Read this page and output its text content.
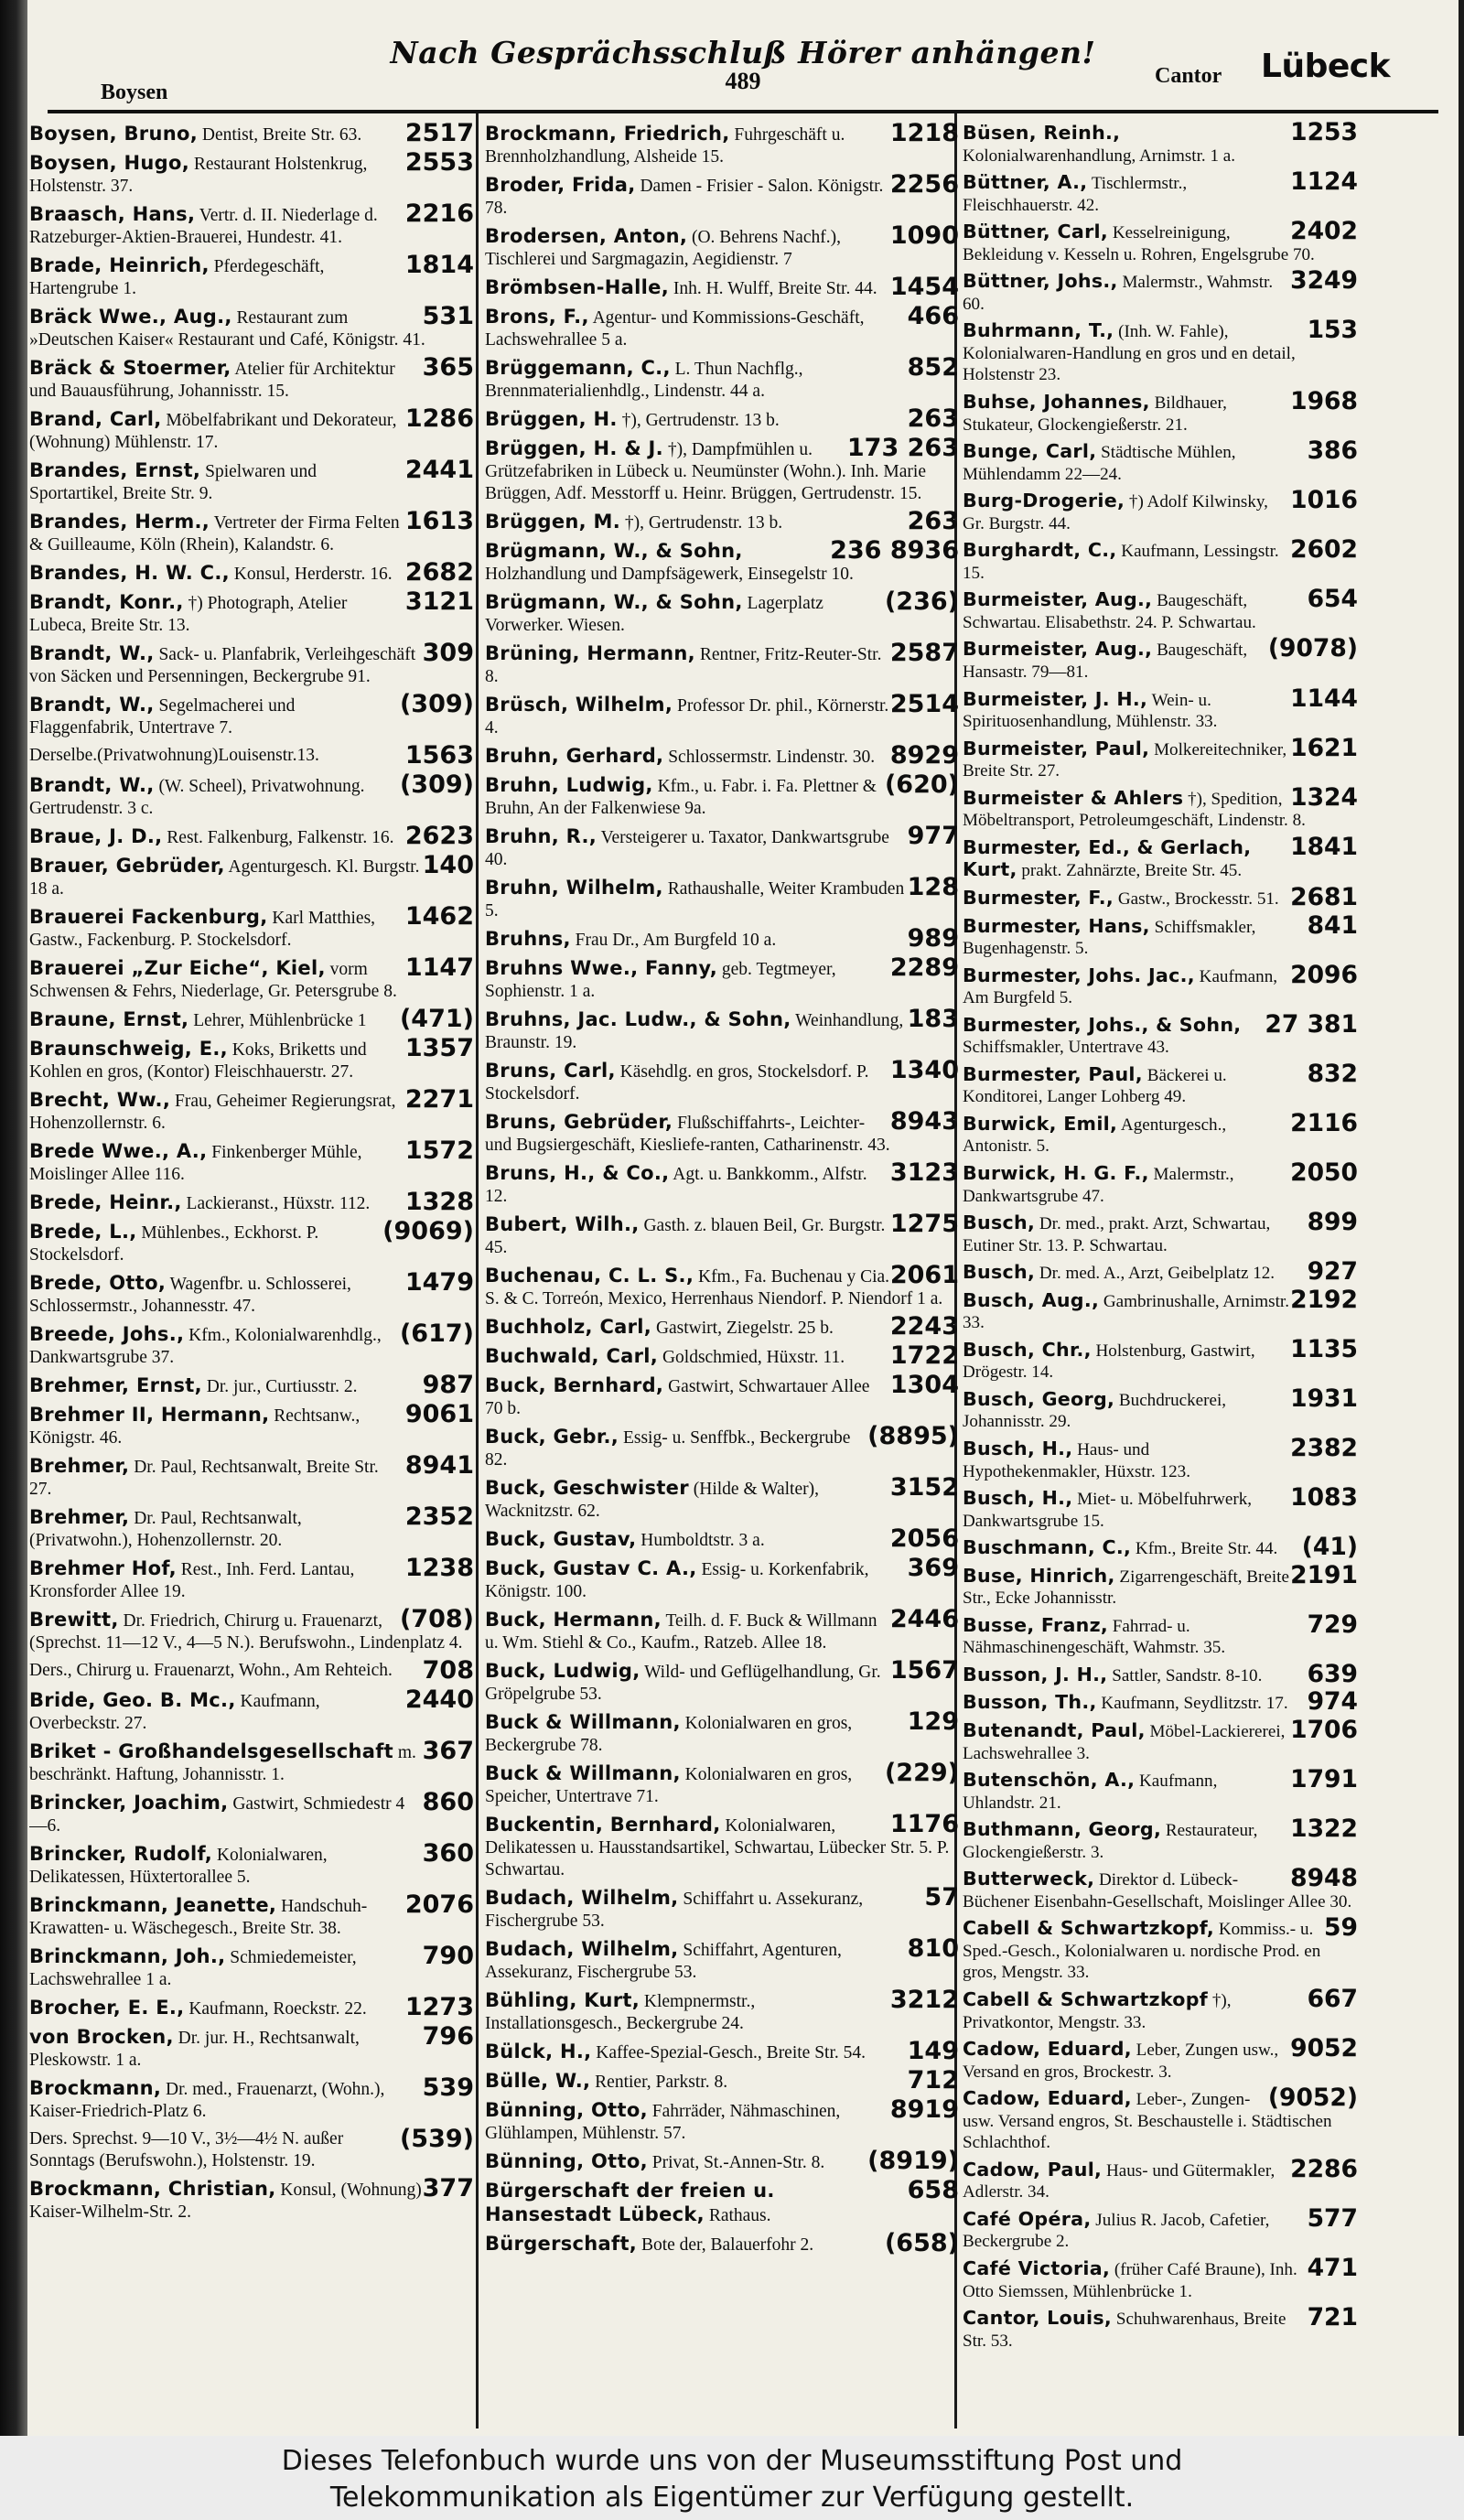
Nach Gesprächsschluß Hörer anhängen!
489
Boysen
Cantor Lübeck
2517
Boysen, Bruno, Dentist, Breite Str. 63.
2553
Boysen, Hugo, Restaurant Holstenkrug, Holstenstr. 37.
2216
Braasch, Hans, Vertr. d. II. Niederlage d. Ratzeburger-Aktien-Brauerei, Hundestr. 41.
1814
Brade, Heinrich, Pferdegeschäft, Hartengrube 1.
531
Bräck Wwe., Aug., Restaurant zum »Deutschen Kaiser« Restaurant und Café, Königstr. 41.
365
Bräck & Stoermer, Atelier für Architektur und Bauausführung, Johannisstr. 15.
1286
Brand, Carl, Möbelfabrikant und Dekorateur, (Wohnung) Mühlenstr. 17.
2441
Brandes, Ernst, Spielwaren und Sportartikel, Breite Str. 9.
1613
Brandes, Herm., Vertreter der Firma Felten & Guilleaume, Köln (Rhein), Kalandstr. 6.
2682
Brandes, H. W. C., Konsul, Herderstr. 16.
3121
Brandt, Konr., †) Photograph, Atelier Lubeca, Breite Str. 13.
309
Brandt, W., Sack- u. Planfabrik, Verleihgeschäft von Säcken und Persenningen, Beckergrube 91.
(309)
Brandt, W., Segelmacherei und Flaggenfabrik, Untertrave 7.
1563
Derselbe.(Privatwohnung)Louisenstr.13.
(309)
Brandt, W., (W. Scheel), Privatwohnung. Gertrudenstr. 3 c.
2623
Braue, J. D., Rest. Falkenburg, Falkenstr. 16.
140
Brauer, Gebrüder, Agenturgesch. Kl. Burgstr. 18 a.
1462
Brauerei Fackenburg, Karl Matthies, Gastw., Fackenburg. P. Stockelsdorf.
1147
Brauerei „Zur Eiche“, Kiel, vorm Schwensen & Fehrs, Niederlage, Gr. Petersgrube 8.
(471)
Braune, Ernst, Lehrer, Mühlenbrücke 1
1357
Braunschweig, E., Koks, Briketts und Kohlen en gros, (Kontor) Fleischhauerstr. 27.
2271
Brecht, Ww., Frau, Geheimer Regierungsrat, Hohenzollernstr. 6.
1572
Brede Wwe., A., Finkenberger Mühle, Moislinger Allee 116.
1328
Brede, Heinr., Lackieranst., Hüxstr. 112.
(9069)
Brede, L., Mühlenbes., Eckhorst. P. Stockelsdorf.
1479
Brede, Otto, Wagenfbr. u. Schlosserei, Schlossermstr., Johannesstr. 47.
(617)
Breede, Johs., Kfm., Kolonialwarenhdlg., Dankwartsgrube 37.
987
Brehmer, Ernst, Dr. jur., Curtiusstr. 2.
9061
Brehmer II, Hermann, Rechtsanw., Königstr. 46.
8941
Brehmer, Dr. Paul, Rechtsanwalt, Breite Str. 27.
2352
Brehmer, Dr. Paul, Rechtsanwalt, (Privatwohn.), Hohenzollernstr. 20.
1238
Brehmer Hof, Rest., Inh. Ferd. Lantau, Kronsforder Allee 19.
(708)
Brewitt, Dr. Friedrich, Chirurg u. Frauenarzt, (Sprechst. 11—12 V., 4—5 N.). Berufswohn., Lindenplatz 4.
708
Ders., Chirurg u. Frauenarzt, Wohn., Am Rehteich.
2440
Bride, Geo. B. Mc., Kaufmann, Overbeckstr. 27.
367
Briket - Großhandelsgesellschaft m. beschränkt. Haftung, Johannisstr. 1.
860
Brincker, Joachim, Gastwirt, Schmiedestr 4—6.
360
Brincker, Rudolf, Kolonialwaren, Delikatessen, Hüxtertorallee 5.
2076
Brinckmann, Jeanette, Handschuh-Krawatten- u. Wäschegesch., Breite Str. 38.
790
Brinckmann, Joh., Schmiedemeister, Lachswehrallee 1 a.
1273
Brocher, E. E., Kaufmann, Roeckstr. 22.
796
von Brocken, Dr. jur. H., Rechtsanwalt, Pleskowstr. 1 a.
539
Brockmann, Dr. med., Frauenarzt, (Wohn.), Kaiser-Friedrich-Platz 6.
(539)
Ders. Sprechst. 9—10 V., 3½—4½ N. außer Sonntags (Berufswohn.), Holstenstr. 19.
377
Brockmann, Christian, Konsul, (Wohnung) Kaiser-Wilhelm-Str. 2.
1218
Brockmann, Friedrich, Fuhrgeschäft u. Brennholzhandlung, Alsheide 15.
2256
Broder, Frida, Damen - Frisier - Salon. Königstr. 78.
1090
Brodersen, Anton, (O. Behrens Nachf.), Tischlerei und Sargmagazin, Aegidienstr. 7
1454
Brömbsen-Halle, Inh. H. Wulff, Breite Str. 44.
466
Brons, F., Agentur- und Kommissions-Geschäft, Lachswehrallee 5 a.
852
Brüggemann, C., L. Thun Nachflg., Brennmaterialienhdlg., Lindenstr. 44 a.
263
Brüggen, H. †), Gertrudenstr. 13 b.
173 263
Brüggen, H. & J. †), Dampfmühlen u. Grützefabriken in Lübeck u. Neumünster (Wohn.). Inh. Marie Brüggen, Adf. Messtorff u. Heinr. Brüggen, Gertrudenstr. 15.
263
Brüggen, M. †), Gertrudenstr. 13 b.
236 8936
Brügmann, W., & Sohn, Holzhandlung und Dampfsägewerk, Einsegelstr 10.
(236)
Brügmann, W., & Sohn, Lagerplatz Vorwerker. Wiesen.
2587
Brüning, Hermann, Rentner, Fritz-Reuter-Str. 8.
2514
Brüsch, Wilhelm, Professor Dr. phil., Körnerstr. 4.
8929
Bruhn, Gerhard, Schlossermstr. Lindenstr. 30.
(620)
Bruhn, Ludwig, Kfm., u. Fabr. i. Fa. Plettner & Bruhn, An der Falkenwiese 9a.
977
Bruhn, R., Versteigerer u. Taxator, Dankwartsgrube 40.
128
Bruhn, Wilhelm, Rathaushalle, Weiter Krambuden 5.
989
Bruhns, Frau Dr., Am Burgfeld 10 a.
2289
Bruhns Wwe., Fanny, geb. Tegtmeyer, Sophienstr. 1 a.
183
Bruhns, Jac. Ludw., & Sohn, Weinhandlung, Braunstr. 19.
1340
Bruns, Carl, Käsehdlg. en gros, Stockelsdorf. P. Stockelsdorf.
8943
Bruns, Gebrüder, Flußschiffahrts-, Leichter- und Bugsiergeschäft, Kiesliefe-ranten, Catharinenstr. 43.
3123
Bruns, H., & Co., Agt. u. Bankkomm., Alfstr. 12.
1275
Bubert, Wilh., Gasth. z. blauen Beil, Gr. Burgstr. 45.
2061
Buchenau, C. L. S., Kfm., Fa. Buchenau y Cia. S. & C. Torreón, Mexico, Herrenhaus Niendorf. P. Niendorf 1 a.
2243
Buchholz, Carl, Gastwirt, Ziegelstr. 25 b.
1722
Buchwald, Carl, Goldschmied, Hüxstr. 11.
1304
Buck, Bernhard, Gastwirt, Schwartauer Allee 70 b.
(8895)
Buck, Gebr., Essig- u. Senffbk., Beckergrube 82.
3152
Buck, Geschwister (Hilde & Walter), Wacknitzstr. 62.
2056
Buck, Gustav, Humboldtstr. 3 a.
369
Buck, Gustav C. A., Essig- u. Korkenfabrik, Königstr. 100.
2446
Buck, Hermann, Teilh. d. F. Buck & Willmann u. Wm. Stiehl & Co., Kaufm., Ratzeb. Allee 18.
1567
Buck, Ludwig, Wild- und Geflügelhandlung, Gr. Gröpelgrube 53.
129
Buck & Willmann, Kolonialwaren en gros, Beckergrube 78.
(229)
Buck & Willmann, Kolonialwaren en gros, Speicher, Untertrave 71.
1176
Buckentin, Bernhard, Kolonialwaren, Delikatessen u. Hausstandsartikel, Schwartau, Lübecker Str. 5. P. Schwartau.
57
Budach, Wilhelm, Schiffahrt u. Assekuranz, Fischergrube 53.
810
Budach, Wilhelm, Schiffahrt, Agenturen, Assekuranz, Fischergrube 53.
3212
Bühling, Kurt, Klempnermstr., Installationsgesch., Beckergrube 24.
149
Bülck, H., Kaffee-Spezial-Gesch., Breite Str. 54.
712
Bülle, W., Rentier, Parkstr. 8.
8919
Bünning, Otto, Fahrräder, Nähmaschinen, Glühlampen, Mühlenstr. 57.
(8919)
Bünning, Otto, Privat, St.-Annen-Str. 8.
658
Bürgerschaft der freien u. Hansestadt Lübeck, Rathaus.
(658)
Bürgerschaft, Bote der, Balauerfohr 2.
1253
Büsen, Reinh., Kolonialwarenhandlung, Arnimstr. 1 a.
1124
Büttner, A., Tischlermstr., Fleischhauerstr. 42.
2402
Büttner, Carl, Kesselreinigung, Bekleidung v. Kesseln u. Rohren, Engelsgrube 70.
3249
Büttner, Johs., Malermstr., Wahmstr. 60.
153
Buhrmann, T., (Inh. W. Fahle), Kolonialwaren-Handlung en gros und en detail, Holstenstr 23.
1968
Buhse, Johannes, Bildhauer, Stukateur, Glockengießerstr. 21.
386
Bunge, Carl, Städtische Mühlen, Mühlendamm 22—24.
1016
Burg-Drogerie, †) Adolf Kilwinsky, Gr. Burgstr. 44.
2602
Burghardt, C., Kaufmann, Lessingstr. 15.
654
Burmeister, Aug., Baugeschäft, Schwartau. Elisabethstr. 24. P. Schwartau.
(9078)
Burmeister, Aug., Baugeschäft, Hansastr. 79—81.
1144
Burmeister, J. H., Wein- u. Spirituosenhandlung, Mühlenstr. 33.
1621
Burmeister, Paul, Molkereitechniker, Breite Str. 27.
1324
Burmeister & Ahlers †), Spedition, Möbeltransport, Petroleumgeschäft, Lindenstr. 8.
1841
Burmester, Ed., & Gerlach, Kurt, prakt. Zahnärzte, Breite Str. 45.
2681
Burmester, F., Gastw., Brockesstr. 51.
841
Burmester, Hans, Schiffsmakler, Bugenhagenstr. 5.
2096
Burmester, Johs. Jac., Kaufmann, Am Burgfeld 5.
27 381
Burmester, Johs., & Sohn, Schiffsmakler, Untertrave 43.
832
Burmester, Paul, Bäckerei u. Konditorei, Langer Lohberg 49.
2116
Burwick, Emil, Agenturgesch., Antonistr. 5.
2050
Burwick, H. G. F., Malermstr., Dankwartsgrube 47.
899
Busch, Dr. med., prakt. Arzt, Schwartau, Eutiner Str. 13. P. Schwartau.
927
Busch, Dr. med. A., Arzt, Geibelplatz 12.
2192
Busch, Aug., Gambrinushalle, Arnimstr. 33.
1135
Busch, Chr., Holstenburg, Gastwirt, Drögestr. 14.
1931
Busch, Georg, Buchdruckerei, Johannisstr. 29.
2382
Busch, H., Haus- und Hypothekenmakler, Hüxstr. 123.
1083
Busch, H., Miet- u. Möbelfuhrwerk, Dankwartsgrube 15.
(41)
Buschmann, C., Kfm., Breite Str. 44.
2191
Buse, Hinrich, Zigarrengeschäft, Breite Str., Ecke Johannisstr.
729
Busse, Franz, Fahrrad- u. Nähmaschinengeschäft, Wahmstr. 35.
639
Busson, J. H., Sattler, Sandstr. 8-10.
974
Busson, Th., Kaufmann, Seydlitzstr. 17.
1706
Butenandt, Paul, Möbel-Lackiererei, Lachswehrallee 3.
1791
Butenschön, A., Kaufmann, Uhlandstr. 21.
1322
Buthmann, Georg, Restaurateur, Glockengießerstr. 3.
8948
Butterweck, Direktor d. Lübeck-Büchener Eisenbahn-Gesellschaft, Moislinger Allee 30.
59
Cabell & Schwartzkopf, Kommiss.- u. Sped.-Gesch., Kolonialwaren u. nordische Prod. en gros, Mengstr. 33.
667
Cabell & Schwartzkopf †), Privatkontor, Mengstr. 33.
9052
Cadow, Eduard, Leber, Zungen usw., Versand en gros, Brockestr. 3.
(9052)
Cadow, Eduard, Leber-, Zungen- usw. Versand engros, St. Beschaustelle i. Städtischen Schlachthof.
2286
Cadow, Paul, Haus- und Gütermakler, Adlerstr. 34.
577
Café Opéra, Julius R. Jacob, Cafetier, Beckergrube 2.
471
Café Victoria, (früher Café Braune), Inh. Otto Siemssen, Mühlenbrücke 1.
721
Cantor, Louis, Schuhwarenhaus, Breite Str. 53.
Dieses Telefonbuch wurde uns von der Museumsstiftung Post und
Telekommunikation als Eigentümer zur Verfügung gestellt.
